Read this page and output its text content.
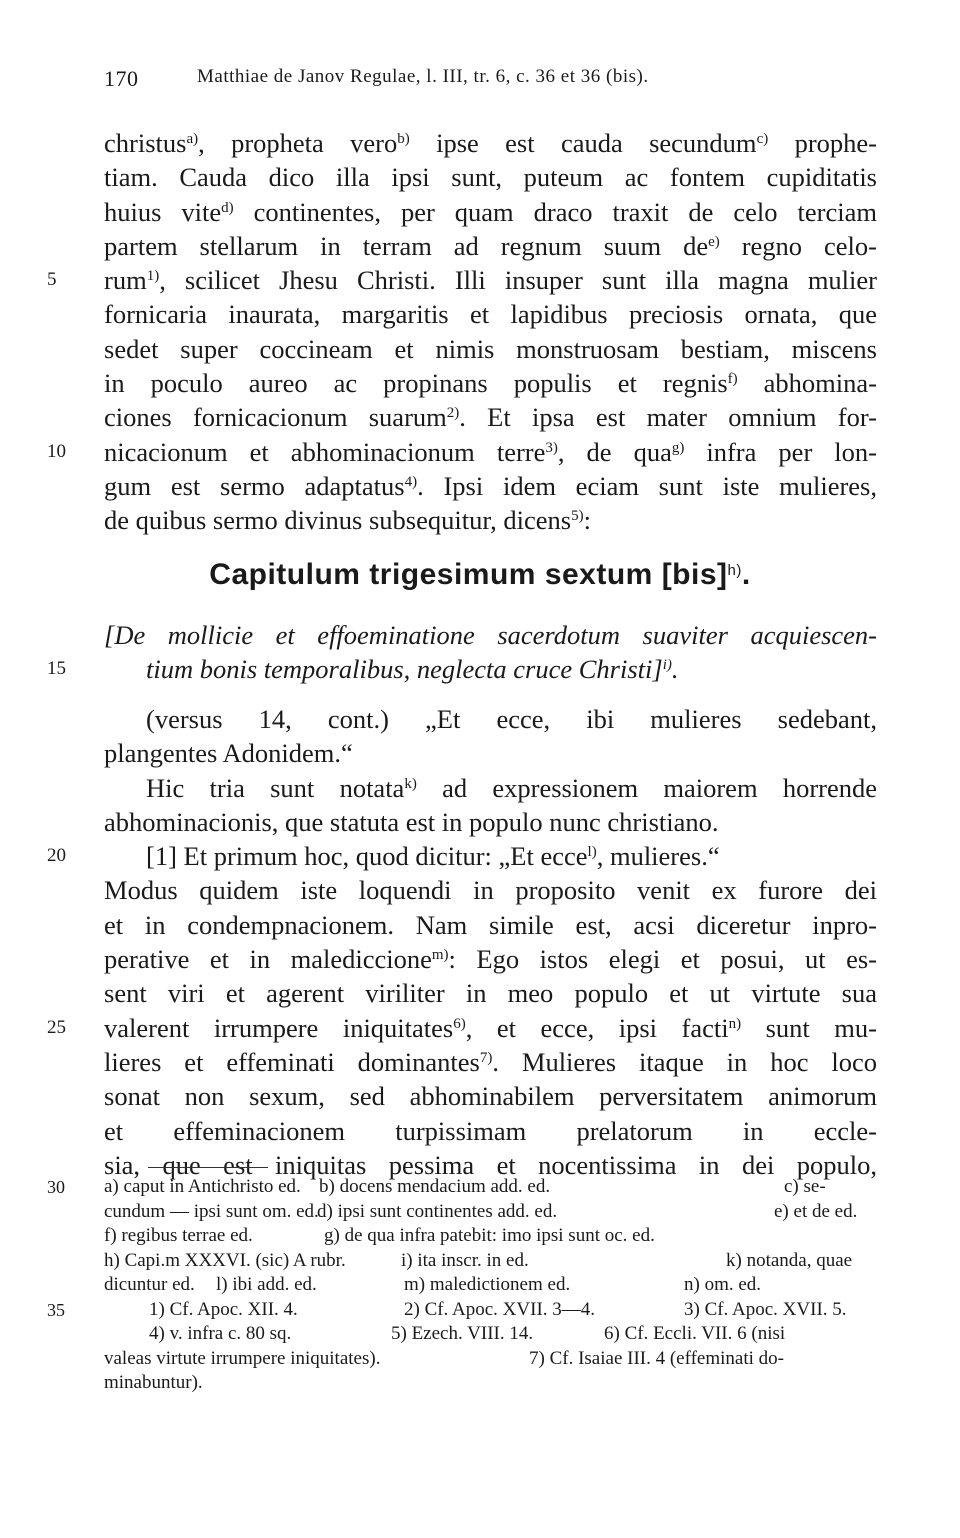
170	Matthiae de Janov Regulae, l. III, tr. 6, c. 36 et 36 (bis).
christus$^{a)}$, propheta vero$^{b)}$ ipse est cauda secundum$^{c)}$ prophe-
tiam. Cauda dico illa ipsi sunt, puteum ac fontem cupiditatis
huius vite$^{d)}$ continentes, per quam draco traxit de celo terciam
partem stellarum in terram ad regnum suum $de^{e)}$ regno celo-
5	rum$^{1)}$, scilicet Jhesu Christi. Illi insuper sunt illa magna mulier
fornicaria inaurata, margaritis et lapidibus preciosis ornata, que
sedet super coccineam et nimis monstruosam bestiam, miscens
in poculo aureo ac propinans populis et regnis$^{f)}$ abhomina-
ciones fornicacionum suarum$^{2)}$. Et ipsa est mater omnium for-
10	nicacionum et abhominacionum terre$^{3)}$, de qua$^{g)}$ infra per lon-
gum est sermo adaptatus$^{4)}$. Ipsi idem eciam sunt iste mulieres,
de quibus sermo divinus subsequitur, dicens$^{5)}$:
Capitulum trigesimum sextum [bis]$^{h)}$.
[De mollicie et effoeminatione sacerdotum suaviter acquiescen-
15	tium bonis temporalibus, neglecta cruce Christi]$^{i)}$.
(versus 14, cont.) „Et ecce, ibi mulieres sedebant,
plangentes Adonidem.“
Hic tria sunt notata$^{k)}$ ad expressionem maiorem horrende
abhominacionis, que statuta est in populo nunc christiano.
20	[1] Et primum hoc, quod dicitur: „Et ecce$^{l)}$, mulieres.“
Modus quidem iste loquendi in proposito venit ex furore dei
et in condempnacionem. Nam simile est, acsi diceretur inpro-
perative et in malediccione$^{m)}$: Ego istos elegi et posui, ut es-
sent viri et agerent viriliter in meo populo et ut virtute sua
25	valerent irrumpere iniquitates$^{6)}$, et ecce, ipsi facti$^{n)}$ sunt mu-
lieres et effeminati dominantes$^{7)}$. Mulieres itaque in hoc loco
sonat non sexum, sed abhominabilem perversitatem animorum
et effeminacionem turpissimam prelatorum in eccle-
sia, que est iniquitas pessima et nocentissima in dei populo,
30	a) caput in Antichristo ed. b) docens mendacium add. ed.	c) se-
cundum — ipsi sunt om. ed.
d) ipsi sunt continentes add. ed.	e) et de ed.
f) regibus terrae ed.	g) de qua infra patebit: imo ipsi sunt oc. ed.
h) Capi.m XXXVI. (sic) A rubr.	i) ita inscr. in ed.	k) notanda, quae
dicuntur ed. l) ibi add. ed.	m) maledictionem ed.	n) om. ed.
35	1) Cf. Apoc. XII. 4.	2) Cf. Apoc. XVII. 3—4.	3) Cf. Apoc. XVII. 5.
4) v. infra c. 80 sq.	5) Ezech. VIII. 14.	6) Cf. Eccli. VII. 6 (nisi
valeas virtute irrumpere iniquitates).	7) Cf. Isaiae III. 4 (effeminati do-
minabuntur).
